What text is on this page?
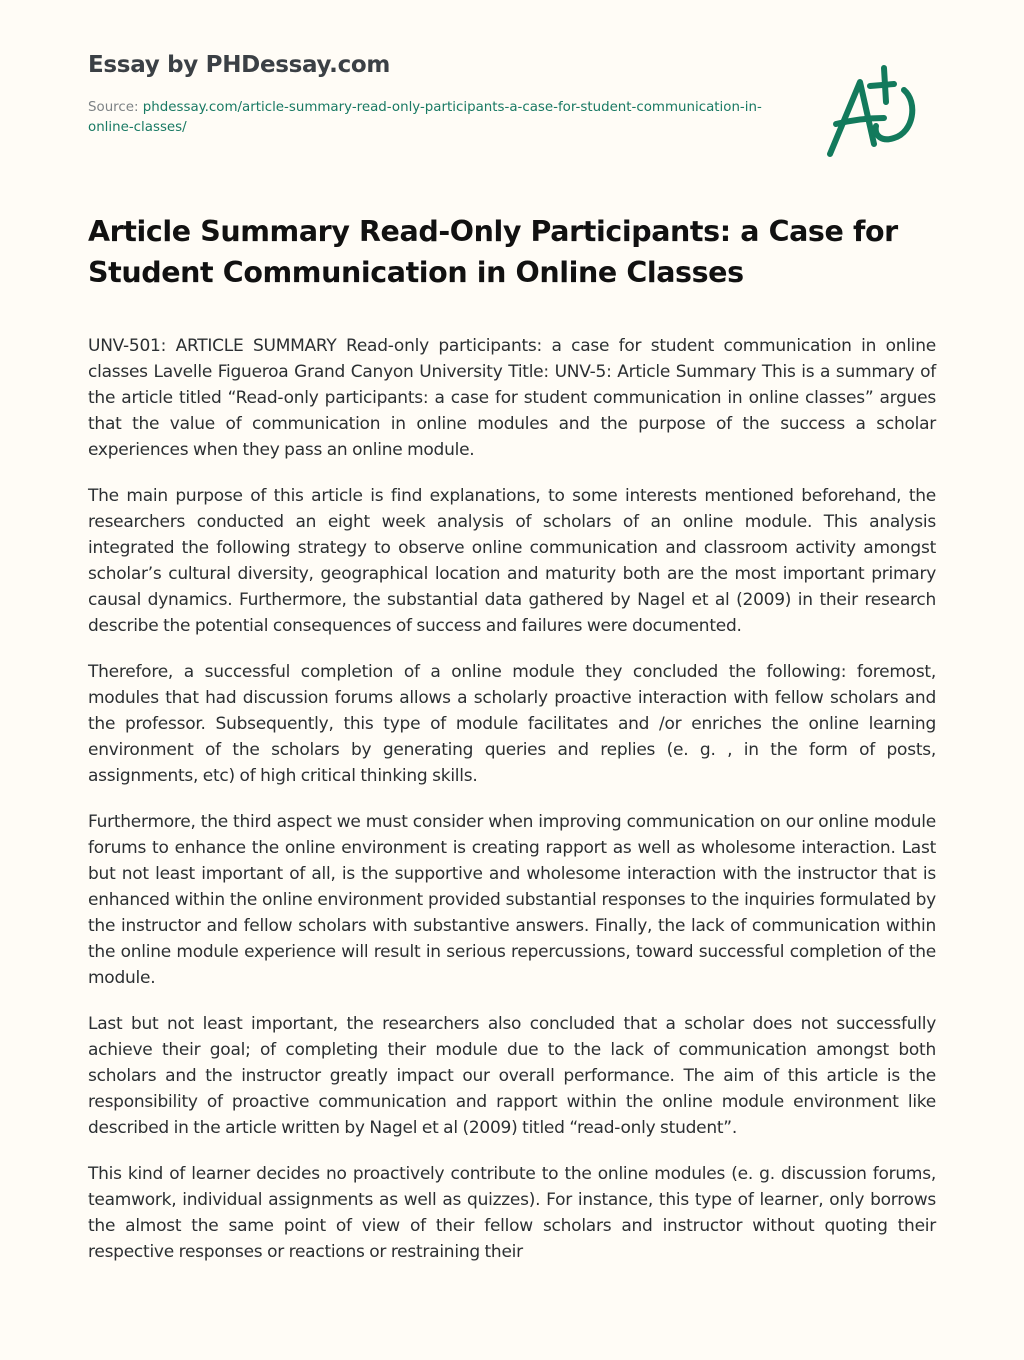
Essay by PHDessay.com
Source: phdessay.com/article-summary-read-only-participants-a-case-for-student-communication-in-online-classes/
Article Summary Read-Only Participants: a Case for Student Communication in Online Classes

UNV-501: ARTICLE SUMMARY Read-only participants: a case for student communication in online classes Lavelle Figueroa Grand Canyon University Title: UNV-5: Article Summary This is a summary of the article titled “Read-only participants: a case for student communication in online classes” argues that the value of communication in online modules and the purpose of the success a scholar experiences when they pass an online module.

The main purpose of this article is find explanations, to some interests mentioned beforehand, the researchers conducted an eight week analysis of scholars of an online module. This analysis integrated the following strategy to observe online communication and classroom activity amongst scholar’s cultural diversity, geographical location and maturity both are the most important primary causal dynamics. Furthermore, the substantial data gathered by Nagel et al (2009) in their research describe the potential consequences of success and failures were documented.

Therefore, a successful completion of a online module they concluded the following: foremost, modules that had discussion forums allows a scholarly proactive interaction with fellow scholars and the professor. Subsequently, this type of module facilitates and /or enriches the online learning environment of the scholars by generating queries and replies (e. g. , in the form of posts, assignments, etc) of high critical thinking skills.

Furthermore, the third aspect we must consider when improving communication on our online module forums to enhance the online environment is creating rapport as well as wholesome interaction. Last but not least important of all, is the supportive and wholesome interaction with the instructor that is enhanced within the online environment provided substantial responses to the inquiries formulated by the instructor and fellow scholars with substantive answers. Finally, the lack of communication within the online module experience will result in serious repercussions, toward successful completion of the module.

Last but not least important, the researchers also concluded that a scholar does not successfully achieve their goal; of completing their module due to the lack of communication amongst both scholars and the instructor greatly impact our overall performance. The aim of this article is the responsibility of proactive communication and rapport within the online module environment like described in the article written by Nagel et al (2009) titled “read-only student”.

This kind of learner decides no proactively contribute to the online modules (e. g. discussion forums, teamwork, individual assignments as well as quizzes). For instance, this type of learner, only borrows the almost the same point of view of their fellow scholars and instructor without quoting their respective responses or reactions or restraining their
